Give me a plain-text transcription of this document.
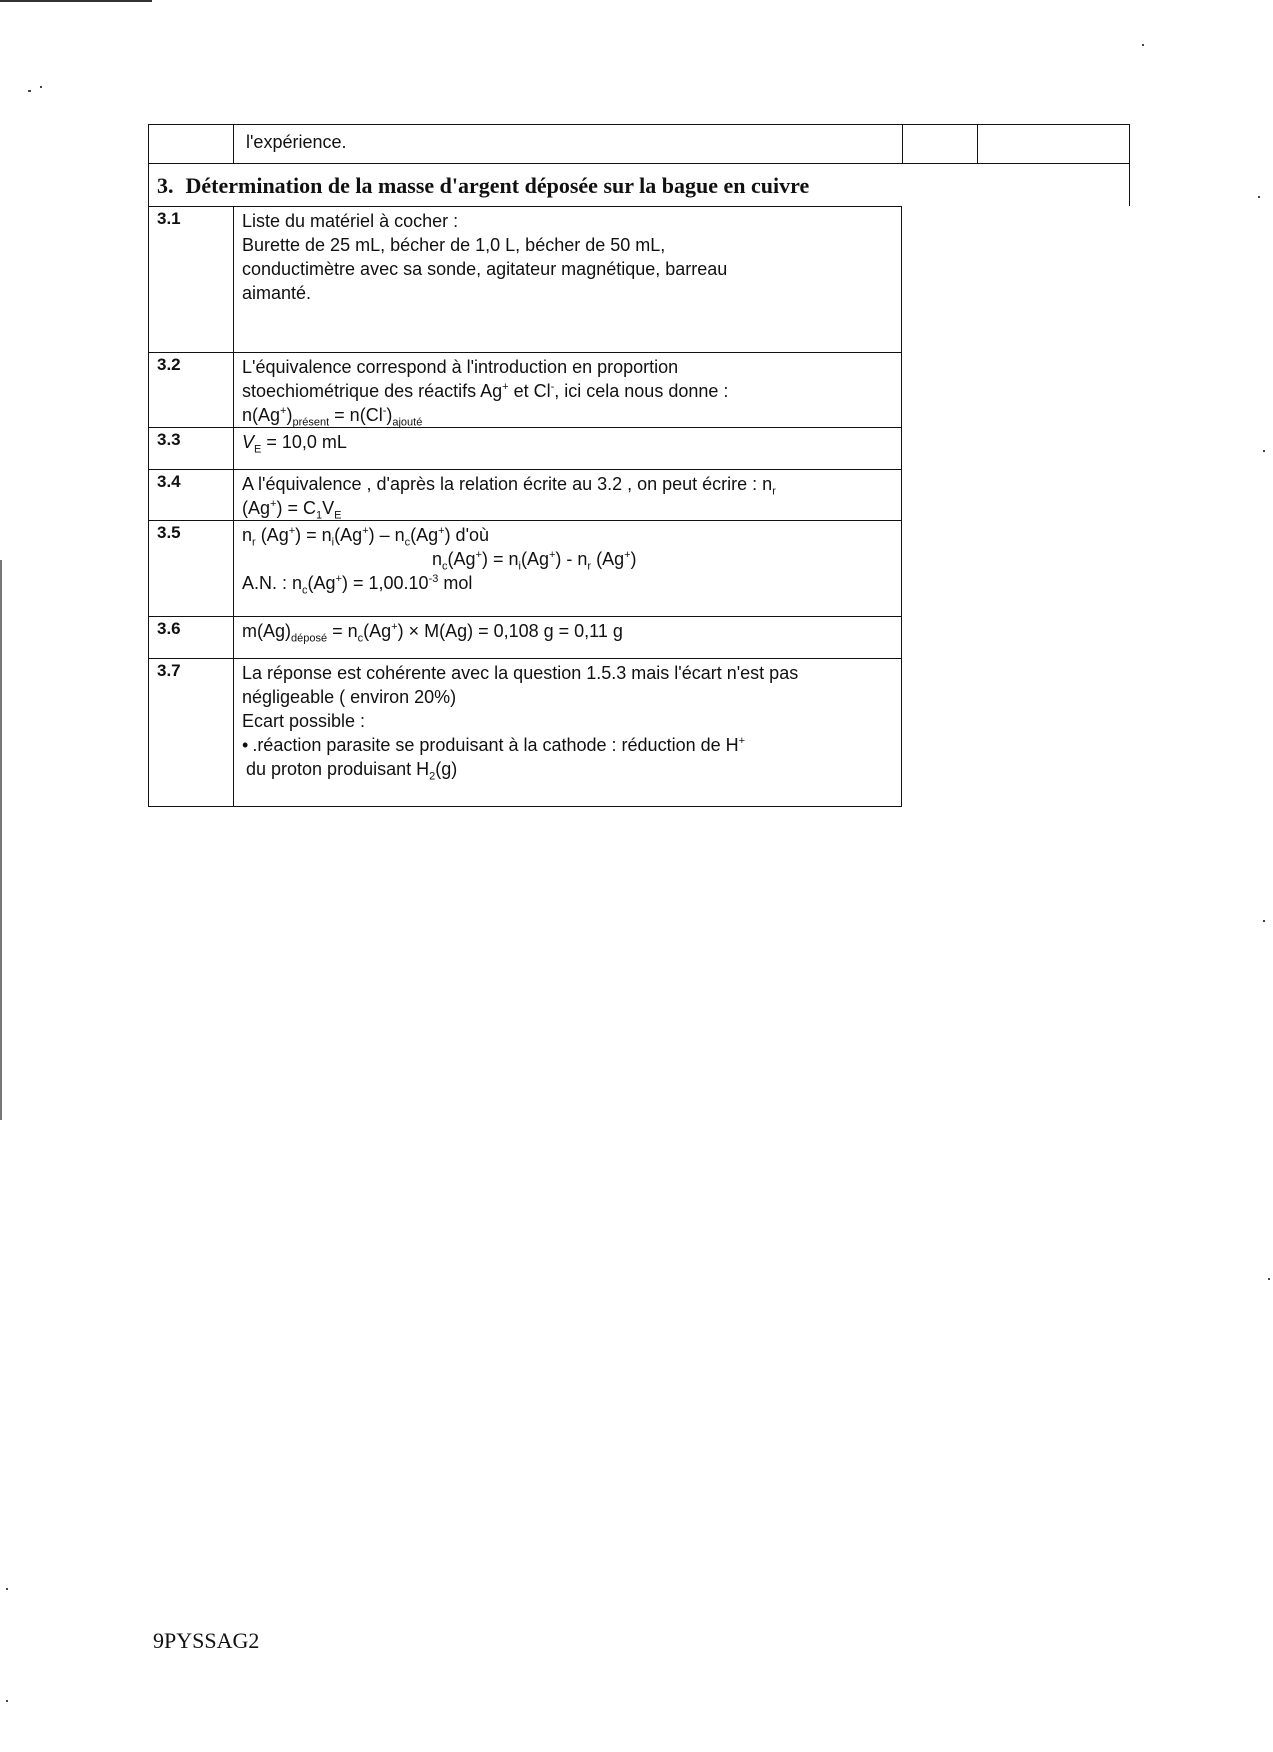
l'expérience.
3. Détermination de la masse d'argent déposée sur la bague en cuivre
3.1	Liste du matériel à cocher :
Burette de 25 mL, bécher de 1,0 L, bécher de 50 mL,
conductimètre avec sa sonde, agitateur magnétique, barreau
aimanté.

3.2	L'équivalence correspond à l'introduction en proportion
stoechiométrique des réactifs Ag+ et Cl-, ici cela nous donne :
$n(Ag^+)_{présent} = n(Cl^-)_{ajouté}$

3.3	$V_E = 10,0$ mL
3.4	A l'équivalence , d'après la relation écrite au 3.2 , on peut écrire : $n_r$
$(Ag^+) = C_1V_E$

3.5	$n_r$ $(Ag^+) = n_i(Ag^+) - n_c(Ag^+)$ d'où
$n_c(Ag^+) = n_i(Ag^+) - n_r$ (Ag+)
A.N. : $n_c(Ag^+) = 1,00.10^{-3}$ mol

3.6	$m(Ag)_{déposé} = n_c(Ag^+) \times M(Ag) = 0,108$ g = 0,11 g
3.7	La réponse est cohérente avec la question 1.5.3 mais l'écart n'est pas
négligeable ( environ 20%)
Ecart possible :
• .réaction parasite se produisant à la cathode : réduction de H+
du proton produisant $H_2(g)$
9PYSSAG2
